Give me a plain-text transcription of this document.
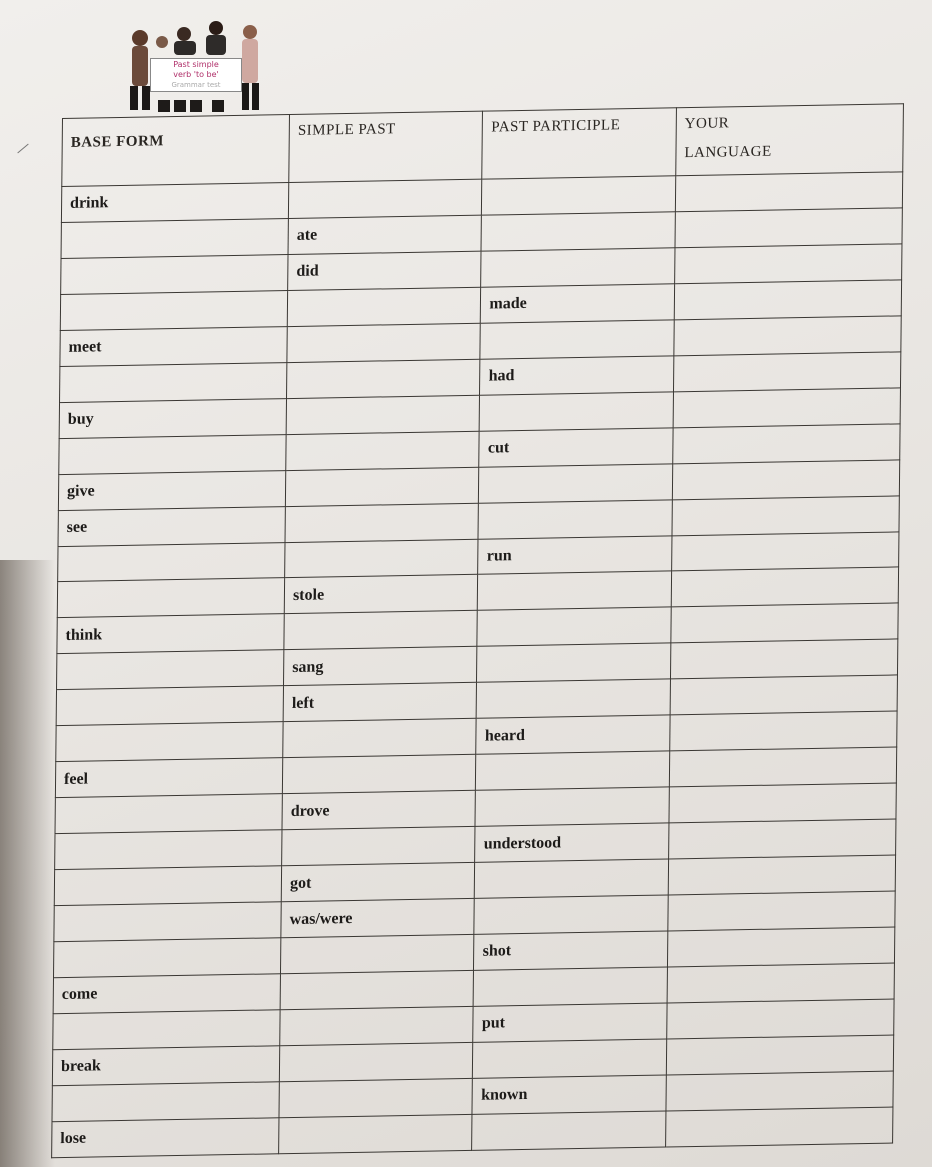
Past simple
verb 'to be'
Grammar test
BASE FORM	SIMPLE PAST	PAST PARTICIPLE	YOUR
LANGUAGE

drink			
	ate		
	did		
		made	
meet			
		had	
buy			
		cut	
give			
see			
		run	
	stole		
think			
	sang		
	left		
		heard	
feel			
	drove		
		understood	
	got		
	was/were		
		shot	
come			
		put	
break			
		known	
lose			
